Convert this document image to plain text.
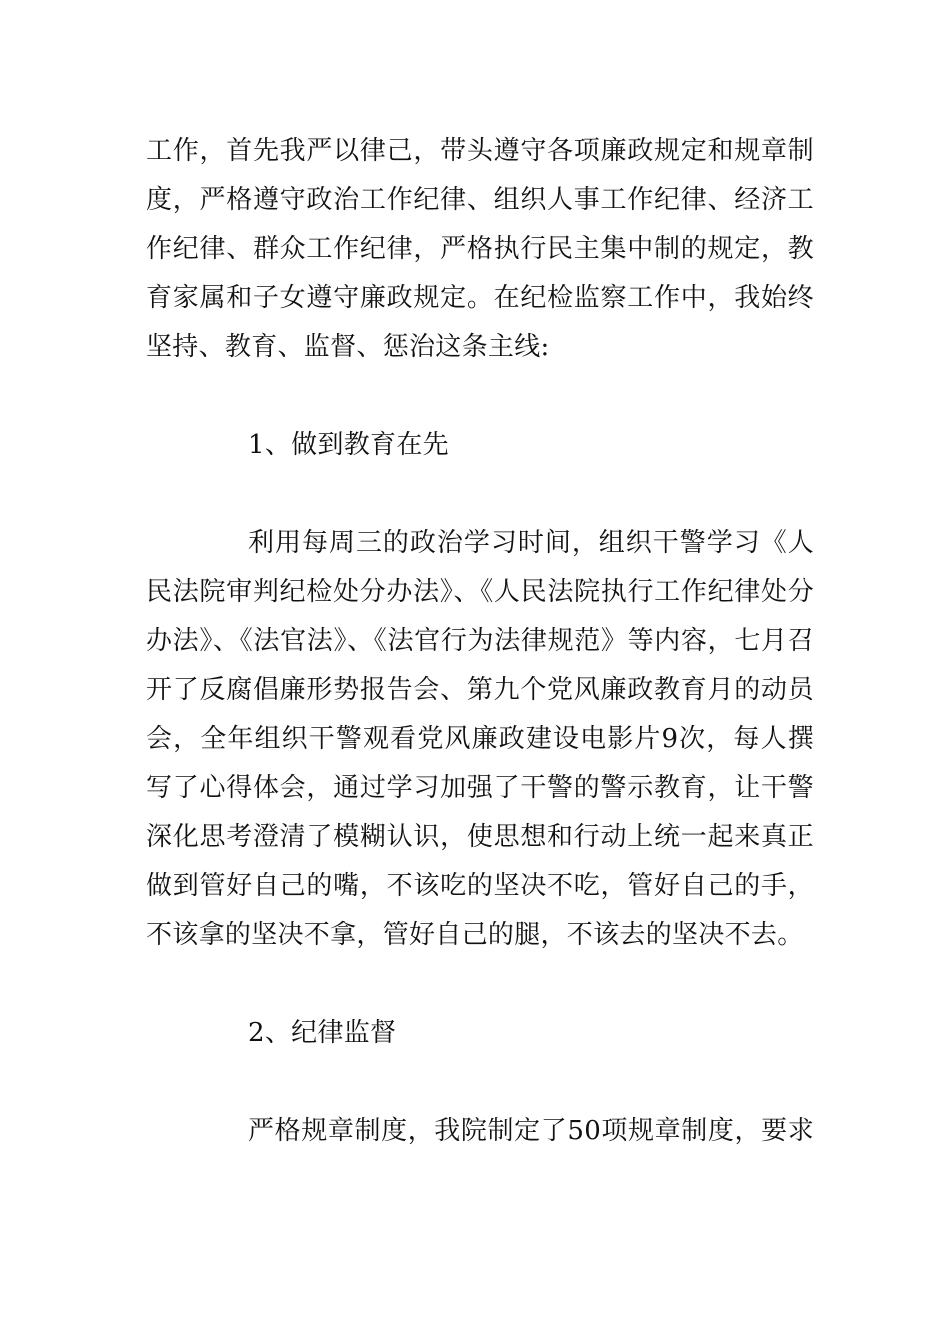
工作，首先我严以律己，带头遵守各项廉政规定和规章制度，严格遵守政治工作纪律、组织人事工作纪律、经济工作纪律、群众工作纪律，严格执行民主集中制的规定，教育家属和子女遵守廉政规定。在纪检监察工作中，我始终坚持、教育、监督、惩治这条主线:

1、做到教育在先

利用每周三的政治学习时间，组织干警学习《人民法院审判纪检处分办法》、《人民法院执行工作纪律处分办法》、《法官法》、《法官行为法律规范》等内容，七月召开了反腐倡廉形势报告会、第九个党风廉政教育月的动员会，全年组织干警观看党风廉政建设电影片9次，每人撰写了心得体会，通过学习加强了干警的警示教育，让干警深化思考澄清了模糊认识，使思想和行动上统一起来真正做到管好自己的嘴，不该吃的坚决不吃，管好自己的手，不该拿的坚决不拿，管好自己的腿，不该去的坚决不去。

2、纪律监督

严格规章制度，我院制定了50项规章制度，要求
